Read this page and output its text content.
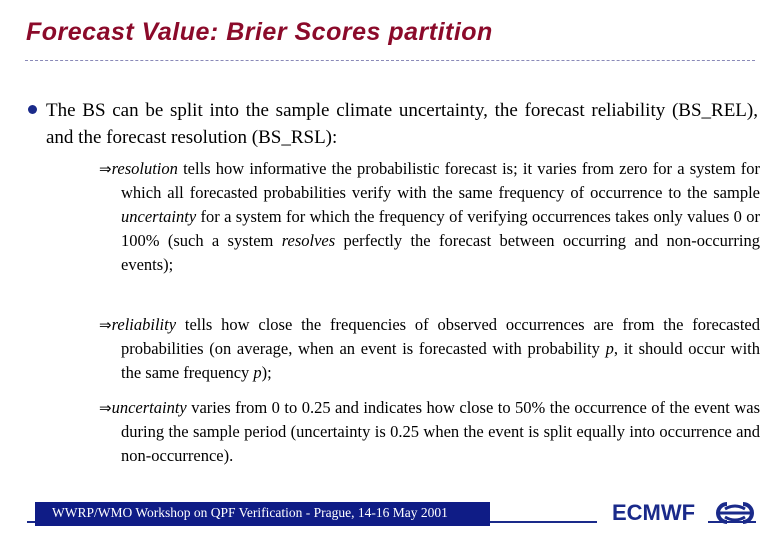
Forecast Value: Brier Scores partition
The BS can be split into the sample climate uncertainty, the forecast reliability (BS_REL), and the forecast resolution (BS_RSL):
⇒resolution tells how informative the probabilistic forecast is; it varies from zero for a system for which all forecasted probabilities verify with the same frequency of occurrence to the sample uncertainty for a system for which the frequency of verifying occurrences takes only values 0 or 100% (such a system resolves perfectly the forecast between occurring and non-occurring events);
⇒reliability tells how close the frequencies of observed occurrences are from the forecasted probabilities (on average, when an event is forecasted with probability p, it should occur with the same frequency p);
⇒uncertainty varies from 0 to 0.25 and indicates how close to 50% the occurrence of the event was during the sample period (uncertainty is 0.25 when the event is split equally into occurrence and non-occurrence).
WWRP/WMO Workshop on QPF Verification - Prague, 14-16 May 2001	ECMWF
